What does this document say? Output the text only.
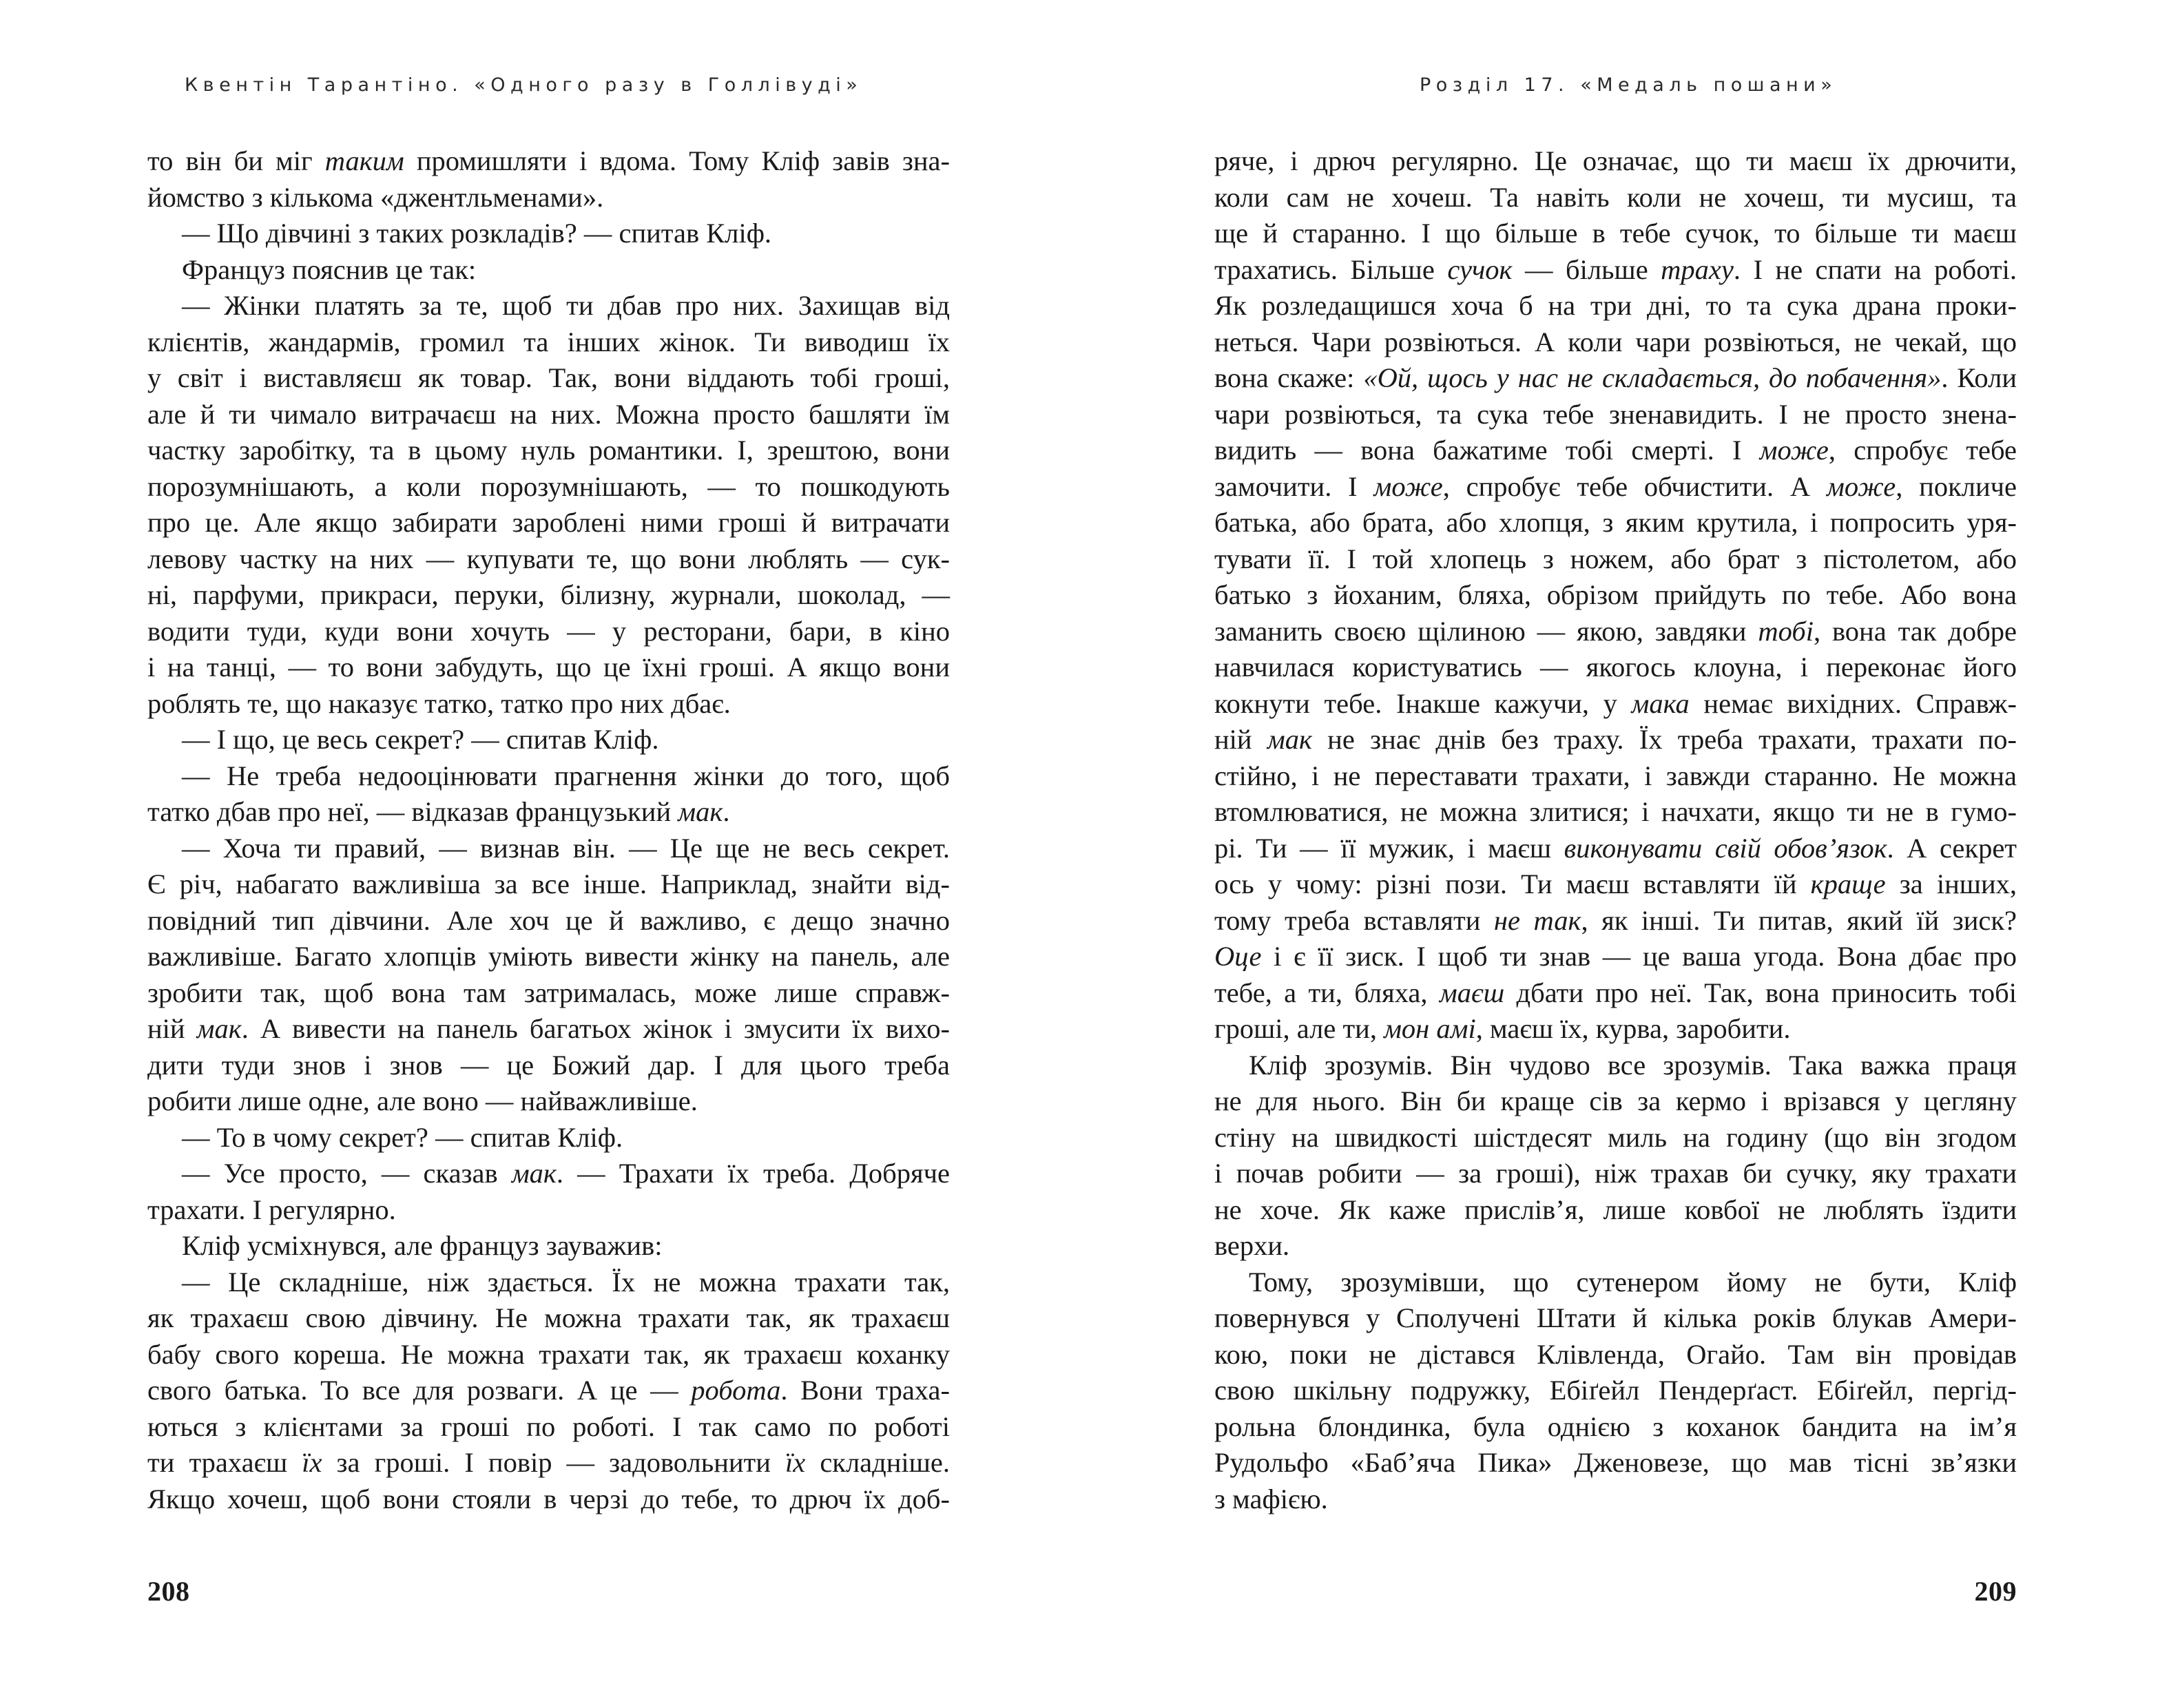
Квентін Тарантіно. «Одного разу в Голлівуді»
то він би міг таким промишляти і вдома. Тому Кліф завів зна-
йомство з кількома «джентльменами».
— Що дівчині з таких розкладів? — спитав Кліф.
Француз пояснив це так:
— Жінки платять за те, щоб ти дбав про них. Захищав від
клієнтів, жандармів, громил та інших жінок. Ти виводиш їх
у світ і виставляєш як товар. Так, вони віддають тобі гроші,
але й ти чимало витрачаєш на них. Можна просто башляти їм
частку заробітку, та в цьому нуль романтики. І, зрештою, вони
порозумнішають, а коли порозумнішають, — то пошкодують
про це. Але якщо забирати зароблені ними гроші й витрачати
левову частку на них — купувати те, що вони люблять — сук-
ні, парфуми, прикраси, перуки, білизну, журнали, шоколад, —
водити туди, куди вони хочуть — у ресторани, бари, в кіно
і на танці, — то вони забудуть, що це їхні гроші. А якщо вони
роблять те, що наказує татко, татко про них дбає.
— І що, це весь секрет? — спитав Кліф.
— Не треба недооцінювати прагнення жінки до того, щоб
татко дбав про неї, — відказав французький мак.
— Хоча ти правий, — визнав він. — Це ще не весь секрет.
Є річ, набагато важливіша за все інше. Наприклад, знайти від-
повідний тип дівчини. Але хоч це й важливо, є дещо значно
важливіше. Багато хлопців уміють вивести жінку на панель, але
зробити так, щоб вона там затрималась, може лише справж-
ній мак. А вивести на панель багатьох жінок і змусити їх вихо-
дити туди знов і знов — це Божий дар. І для цього треба
робити лише одне, але воно — найважливіше.
— То в чому секрет? — спитав Кліф.
— Усе просто, — сказав мак. — Трахати їх треба. Добряче
трахати. І регулярно.
Кліф усміхнувся, але француз зауважив:
— Це складніше, ніж здається. Їх не можна трахати так,
як трахаєш свою дівчину. Не можна трахати так, як трахаєш
бабу свого кореша. Не можна трахати так, як трахаєш коханку
свого батька. То все для розваги. А це — робота. Вони траха-
ються з клієнтами за гроші по роботі. І так само по роботі
ти трахаєш їх за гроші. І повір — задовольнити їх складніше.
Якщо хочеш, щоб вони стояли в черзі до тебе, то дрюч їх доб-
208
Розділ 17. «Медаль пошани»
ряче, і дрюч регулярно. Це означає, що ти маєш їх дрючити,
коли сам не хочеш. Та навіть коли не хочеш, ти мусиш, та
ще й старанно. І що більше в тебе сучок, то більше ти маєш
трахатись. Більше сучок — більше траху. І не спати на роботі.
Як розледащишся хоча б на три дні, то та сука драна проки-
неться. Чари розвіються. А коли чари розвіються, не чекай, що
вона скаже: «Ой, щось у нас не складається, до побачення». Коли
чари розвіються, та сука тебе зненавидить. І не просто знена-
видить — вона бажатиме тобі смерті. І може, спробує тебе
замочити. І може, спробує тебе обчистити. А може, покличе
батька, або брата, або хлопця, з яким крутила, і попросить уря-
тувати її. І той хлопець з ножем, або брат з пістолетом, або
батько з йоханим, бляха, обрізом прийдуть по тебе. Або вона
заманить своєю щілиною — якою, завдяки тобі, вона так добре
навчилася користуватись — якогось клоуна, і переконає його
кокнути тебе. Інакше кажучи, у мака немає вихідних. Справж-
ній мак не знає днів без траху. Їх треба трахати, трахати по-
стійно, і не переставати трахати, і завжди старанно. Не можна
втомлюватися, не можна злитися; і начхати, якщо ти не в гумо-
рі. Ти — її мужик, і маєш виконувати свій обов’язок. А секрет
ось у чому: різні пози. Ти маєш вставляти їй краще за інших,
тому треба вставляти не так, як інші. Ти питав, який їй зиск?
Оце і є її зиск. І щоб ти знав — це ваша угода. Вона дбає про
тебе, а ти, бляха, маєш дбати про неї. Так, вона приносить тобі
гроші, але ти, мон амі, маєш їх, курва, заробити.
Кліф зрозумів. Він чудово все зрозумів. Така важка праця
не для нього. Він би краще сів за кермо і врізався у цегляну
стіну на швидкості шістдесят миль на годину (що він згодом
і почав робити — за гроші), ніж трахав би сучку, яку трахати
не хоче. Як каже прислів’я, лише ковбої не люблять їздити
верхи.
Тому, зрозумівши, що сутенером йому не бути, Кліф
повернувся у Сполучені Штати й кілька років блукав Амери-
кою, поки не дістався Клівленда, Огайо. Там він провідав
свою шкільну подружку, Ебіґейл Пендерґаст. Ебіґейл, пергід-
рольна блондинка, була однією з коханок бандита на ім’я
Рудольфо «Баб’яча Пика» Дженовезе, що мав тісні зв’язки
з мафією.
209
